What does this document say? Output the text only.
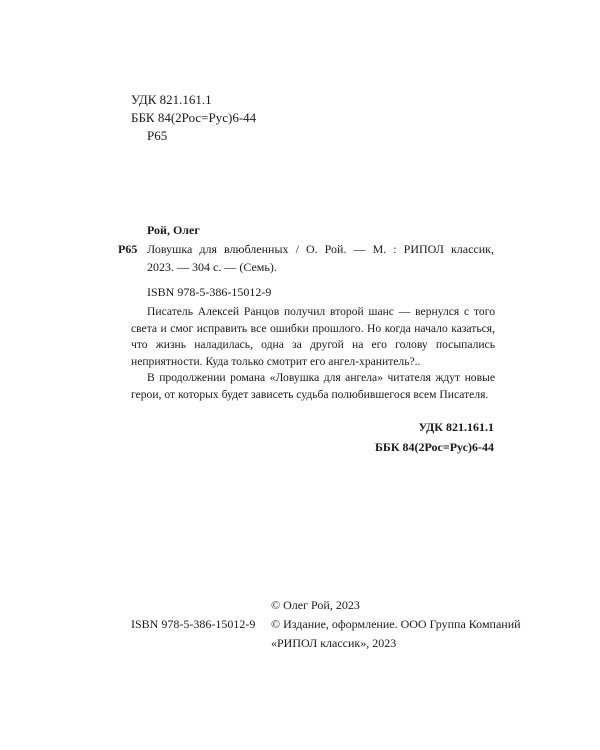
УДК 821.161.1
ББК 84(2Рос=Рус)6-44
Р65
Рой, Олег
Р65 Ловушка для влюбленных / О. Рой. — М. : РИПОЛ классик,
2023. — 304 с. — (Семь).
ISBN 978-5-386-15012-9

Писатель Алексей Ранцов получил второй шанс — вернулся с того света и смог исправить все ошибки прошлого. Но когда начало казаться, что жизнь наладилась, одна за другой на его голову посыпались неприятности. Куда только смотрит его ангел-хранитель?..

В продолжении романа «Ловушка для ангела» читателя ждут новые герои, от которых будет зависеть судьба полюбившегося всем Писателя.

УДК 821.161.1
ББК 84(2Рос=Рус)6-44
ISBN 978-5-386-15012-9
© Олег Рой, 2023
© Издание, оформление. ООО Группа Компаний
«РИПОЛ классик», 2023
